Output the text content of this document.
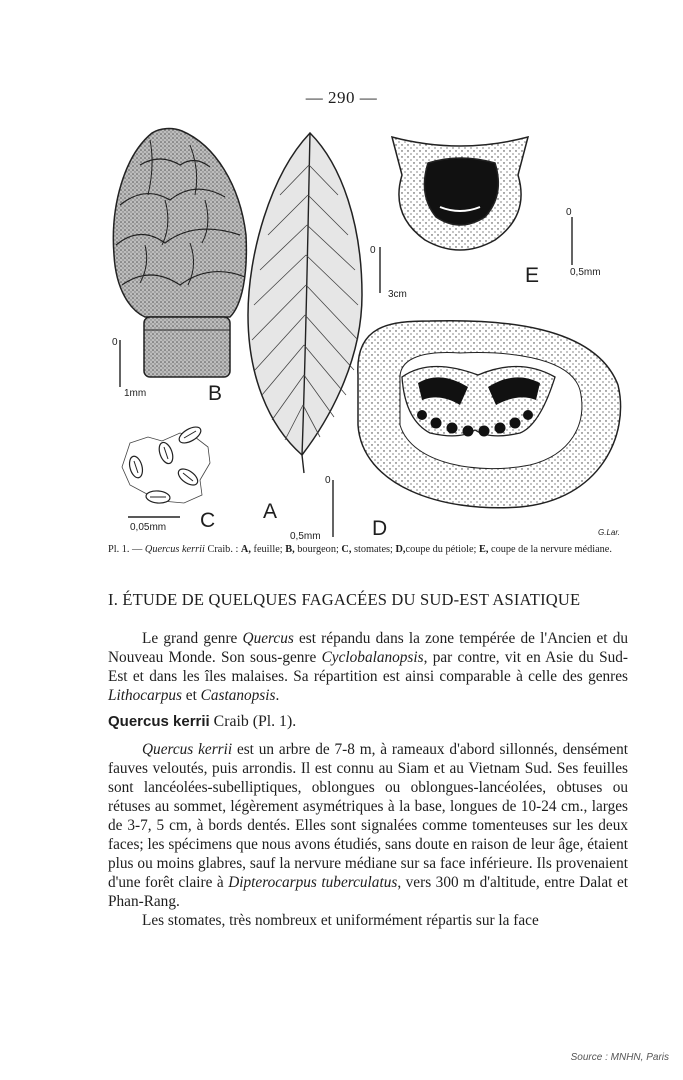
— 290 —
0
1mm	B
0
3cm
A
0
0,5mm
E
0
0,5mm D	G.Lar.
0,05mm C
Pl. 1. — Quercus kerrii Craib. : A, feuille; B, bourgeon; C, stomates; D,coupe du pétiole; E, coupe de la nervure médiane.
I. ÉTUDE DE QUELQUES FAGACÉES DU SUD-EST ASIATIQUE
Le grand genre Quercus est répandu dans la zone tempérée de l'Ancien et du Nouveau Monde. Son sous-genre Cyclobalanopsis, par contre, vit en Asie du Sud-Est et dans les îles malaises. Sa répartition est ainsi comparable à celle des genres Lithocarpus et Castanopsis.
Quercus kerrii Craib (Pl. 1).
Quercus kerrii est un arbre de 7-8 m, à rameaux d'abord sillonnés, densément fauves veloutés, puis arrondis. Il est connu au Siam et au Vietnam Sud. Ses feuilles sont lancéolées-subelliptiques, oblongues ou oblongues-lancéolées, obtuses ou rétuses au sommet, légèrement asymétriques à la base, longues de 10-24 cm., larges de 3-7, 5 cm, à bords dentés. Elles sont signalées comme tomenteuses sur les deux faces; les spécimens que nous avons étudiés, sans doute en raison de leur âge, étaient plus ou moins glabres, sauf la nervure médiane sur sa face inférieure. Ils provenaient d'une forêt claire à Dipterocarpus tuberculatus, vers 300 m d'altitude, entre Dalat et Phan-Rang.
Les stomates, très nombreux et uniformément répartis sur la face
Source : MNHN, Paris
